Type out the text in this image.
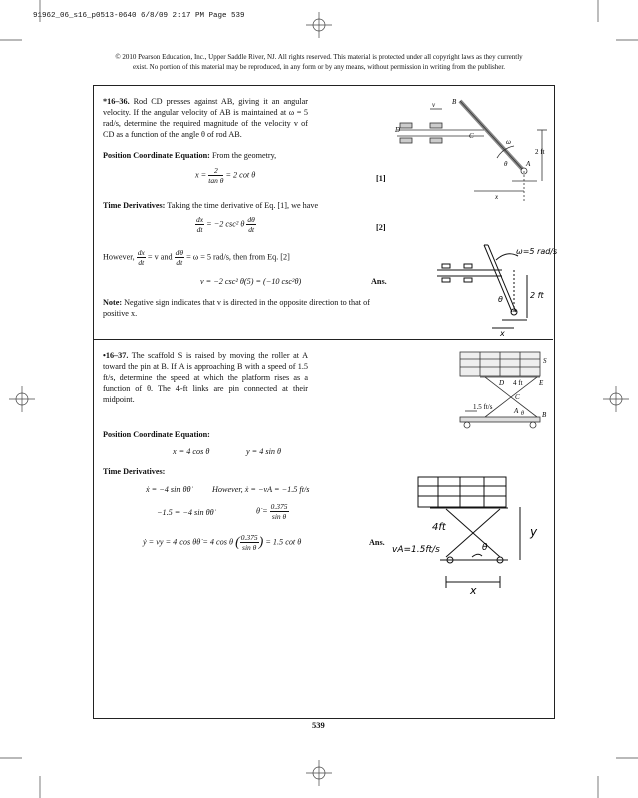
91962_06_s16_p0513-0640 6/8/09 2:17 PM Page 539
© 2010 Pearson Education, Inc., Upper Saddle River, NJ. All rights reserved. This material is protected under all copyright laws as they currently
exist. No portion of this material may be reproduced, in any form or by any means, without permission in writing from the publisher.
*16–36. Rod CD presses against AB, giving it an angular velocity. If the angular velocity of AB is maintained at ω = 5 rad/s, determine the required magnitude of the velocity v of CD as a function of the angle θ of rod AB.
Position Coordinate Equation: From the geometry,
$x = \frac{2}{\text{tan θ}} = 2$ cot θ	[1]
Time Derivatives: Taking the time derivative of Eq. [1], we have
$\frac{dx}{dt} = -2$ csc² θ $\frac{d\theta}{dt}$	[2]
However, $\frac{dx}{dt} = v$ and $\frac{d\theta}{dt} = \omega = 5$ rad/s, then from Eq. [2]
v = −2 csc² θ(5) = (−10 csc²θ)	Ans.
Note: Negative sign indicates that v is directed in the opposite direction to that of positive x.
v B
D
C
ω
A
θ
2 ft
x
ω=5 rad/s
2 ft
θ
x
•16–37. The scaffold S is raised by moving the roller at A toward the pin at B. If A is approaching B with a speed of 1.5 ft/s, determine the speed at which the platform rises as a function of θ. The 4-ft links are pin connected at their midpoint.
Position Coordinate Equation:
x = 4 cos θ	y = 4 sin θ
Time Derivatives:
ẋ = −4 sin θθ̇	However, ẋ = −vA = −1.5 ft/s
−1.5 = −4 sin θθ̇	θ̇ = $\frac{0.375}{\text{sin θ}}$
ẏ = vy = 4 cos θθ̇ = 4 cos θ ( $\frac{0.375}{\text{sin θ}}$ ) = 1.5 cot θ	Ans.
S
D 4 ft E
C
1.5 ft/s	A	B
θ
4ft
vA=1.5ft/s	θ
y
x
539
